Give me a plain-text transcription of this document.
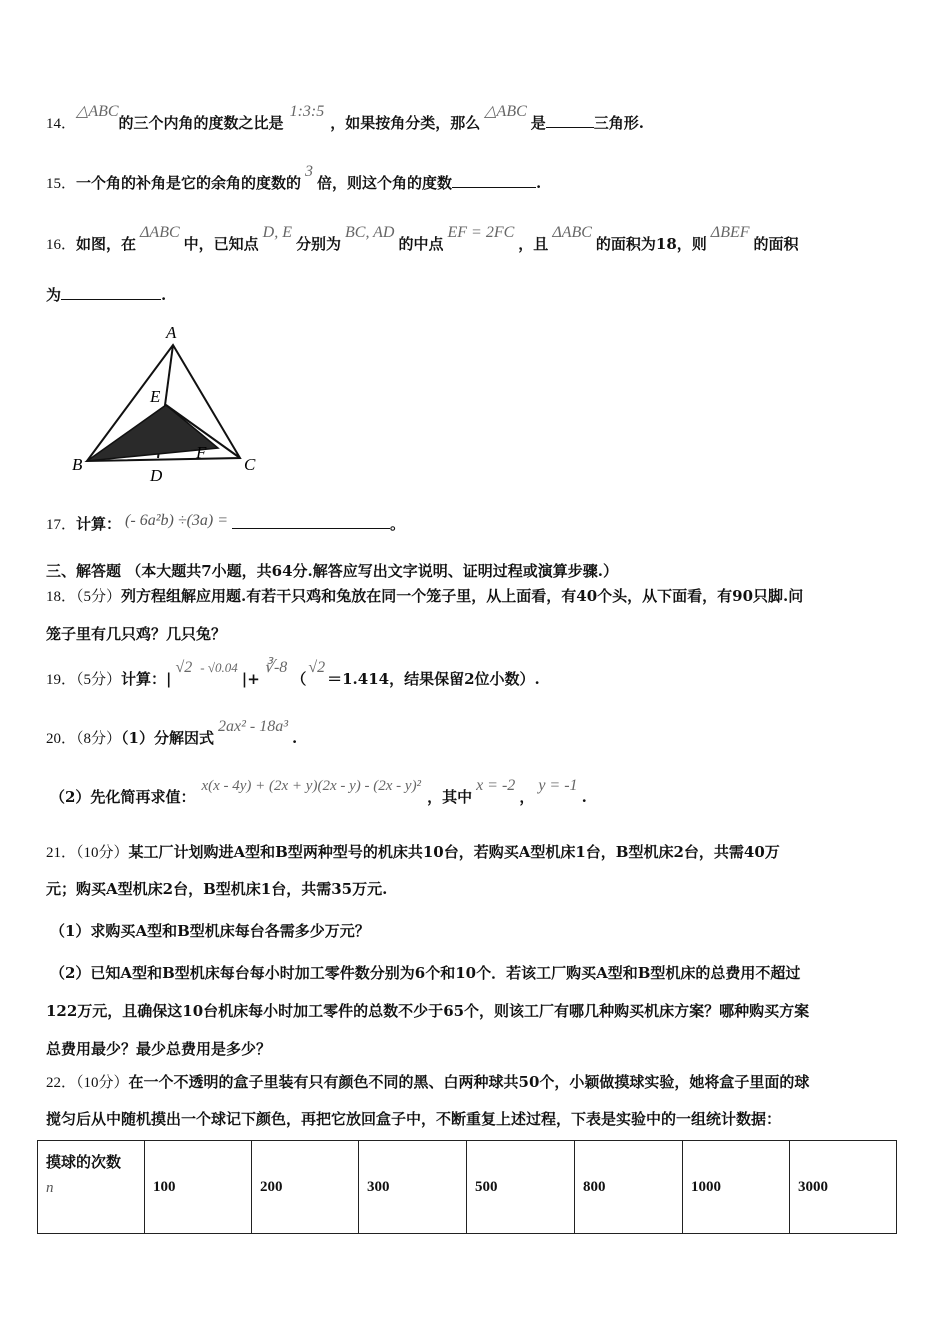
14．△ABC的三个内角的度数之比是1:3:5，如果按角分类，那么△ABC是	三角形.
15．一个角的补角是它的余角的度数的3倍，则这个角的度数	.
16．如图，在ΔABC中，已知点D, E分别为BC, AD的中点EF = 2FC，且ΔABC的面积为18，则ΔBEF的面积
为	.
A
B	C
D
E
F
17．计算： (- 6a²b) ÷(3a) =	。
三、解答题 （本大题共7小题，共64分.解答应写出文字说明、证明过程或演算步骤.）
18．（5分）列方程组解应用题.有若干只鸡和兔放在同一个笼子里，从上面看，有40个头，从下面看，有90只脚.问
笼子里有几只鸡？几只兔？
19．（5分）计算：|√2 - √0.04|+∛-8（√2＝1.414，结果保留2位小数）.
20．（8分）（1）分解因式2ax² - 18a³.
（2）先化简再求值：x(x - 4y) + (2x + y)(2x - y) - (2x - y)²，其中x = -2，y = -1.
21．（10分）某工厂计划购进A型和B型两种型号的机床共10台，若购买A型机床1台，B型机床2台，共需40万
元；购买A型机床2台，B型机床1台，共需35万元.
（1）求购买A型和B型机床每台各需多少万元？
（2）已知A型和B型机床每台每小时加工零件数分别为6个和10个．若该工厂购买A型和B型机床的总费用不超过
122万元，且确保这10台机床每小时加工零件的总数不少于65个，则该工厂有哪几种购买机床方案？哪种购买方案
总费用最少？最少总费用是多少？
22．（10分）在一个不透明的盒子里装有只有颜色不同的黑、白两种球共50个，小颖做摸球实验，她将盒子里面的球
搅匀后从中随机摸出一个球记下颜色，再把它放回盒子中，不断重复上述过程，下表是实验中的一组统计数据：
摸球的次数
n	100	200	300	500	800	1000	3000
